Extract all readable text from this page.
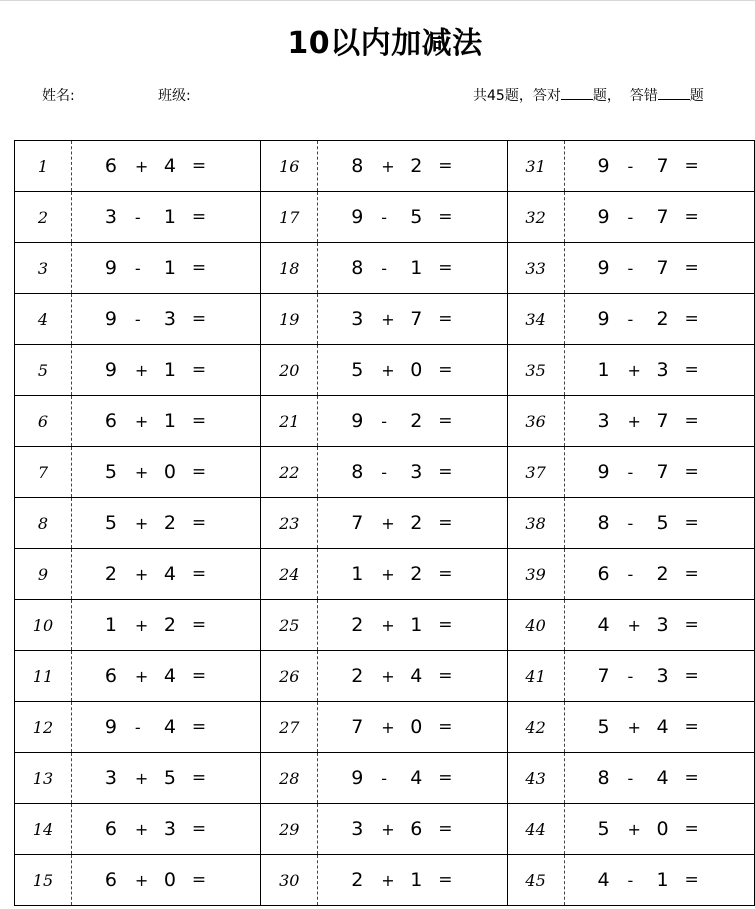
10以内加减法
姓名:	班级:	共45题，答对 题， 答错 题
1	6 + 4 =	16	8 + 2 =	31	9 - 7 =

2	3 - 1 =	17	9 - 5 =	32	9 - 7 =

3	9 - 1 =	18	8 - 1 =	33	9 - 7 =

4	9 - 3 =	19	3 + 7 =	34	9 - 2 =

5	9 + 1 =	20	5 + 0 =	35	1 + 3 =

6	6 + 1 =	21	9 - 2 =	36	3 + 7 =

7	5 + 0 =	22	8 - 3 =	37	9 - 7 =

8	5 + 2 =	23	7 + 2 =	38	8 - 5 =

9	2 + 4 =	24	1 + 2 =	39	6 - 2 =

10	1 + 2 =	25	2 + 1 =	40	4 + 3 =

11	6 + 4 =	26	2 + 4 =	41	7 - 3 =

12	9 - 4 =	27	7 + 0 =	42	5 + 4 =

13	3 + 5 =	28	9 - 4 =	43	8 - 4 =

14	6 + 3 =	29	3 + 6 =	44	5 + 0 =

15	6 + 0 =	30	2 + 1 =	45	4 - 1 =
